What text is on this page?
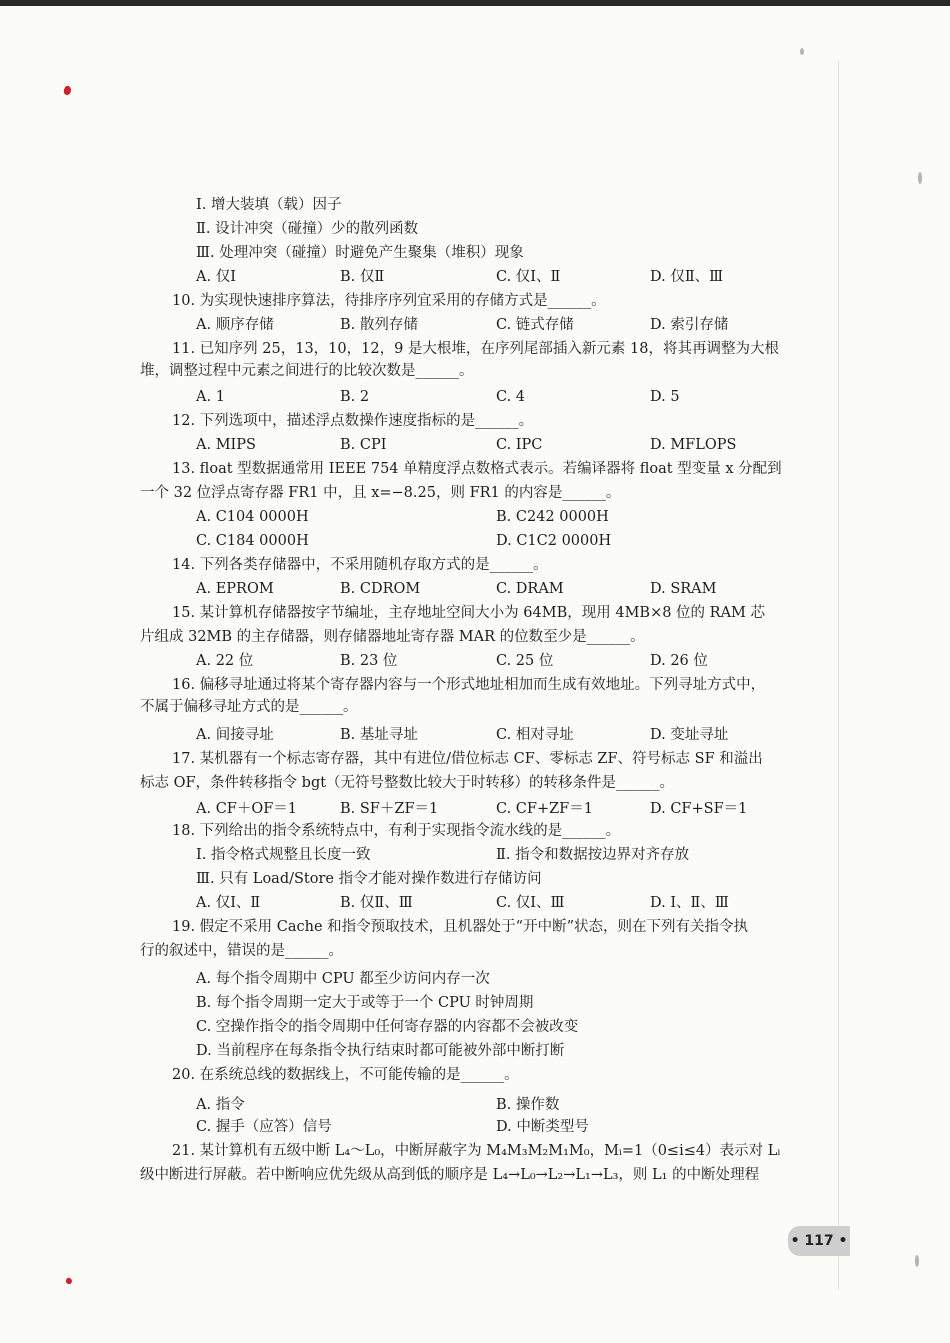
Ⅰ. 增大装填（载）因子
Ⅱ. 设计冲突（碰撞）少的散列函数
Ⅲ. 处理冲突（碰撞）时避免产生聚集（堆积）现象
A. 仅Ⅰ	B. 仅Ⅱ	C. 仅Ⅰ、Ⅱ	D. 仅Ⅱ、Ⅲ
10. 为实现快速排序算法，待排序序列宜采用的存储方式是______。
A. 顺序存储	B. 散列存储	C. 链式存储	D. 索引存储
11. 已知序列 25，13，10，12，9 是大根堆，在序列尾部插入新元素 18，将其再调整为大根
堆，调整过程中元素之间进行的比较次数是______。
A. 1	B. 2	C. 4	D. 5
12. 下列选项中，描述浮点数操作速度指标的是______。
A. MIPS	B. CPI	C. IPC	D. MFLOPS
13. float 型数据通常用 IEEE 754 单精度浮点数格式表示。若编译器将 float 型变量 x 分配到
一个 32 位浮点寄存器 FR1 中，且 x=−8.25，则 FR1 的内容是______。
A. C104 0000H	B. C242 0000H
C. C184 0000H	D. C1C2 0000H
14. 下列各类存储器中，不采用随机存取方式的是______。
A. EPROM	B. CDROM	C. DRAM	D. SRAM
15. 某计算机存储器按字节编址，主存地址空间大小为 64MB，现用 4MB×8 位的 RAM 芯
片组成 32MB 的主存储器，则存储器地址寄存器 MAR 的位数至少是______。
A. 22 位	B. 23 位	C. 25 位	D. 26 位
16. 偏移寻址通过将某个寄存器内容与一个形式地址相加而生成有效地址。下列寻址方式中，
不属于偏移寻址方式的是______。
A. 间接寻址	B. 基址寻址	C. 相对寻址	D. 变址寻址
17. 某机器有一个标志寄存器，其中有进位/借位标志 CF、零标志 ZF、符号标志 SF 和溢出
标志 OF，条件转移指令 bgt（无符号整数比较大于时转移）的转移条件是______。
A. CF＋OF＝1	B. SF＋ZF＝1	C. CF+ZF＝1	D. CF+SF＝1
18. 下列给出的指令系统特点中，有利于实现指令流水线的是______。
Ⅰ. 指令格式规整且长度一致	Ⅱ. 指令和数据按边界对齐存放
Ⅲ. 只有 Load/Store 指令才能对操作数进行存储访问
A. 仅Ⅰ、Ⅱ	B. 仅Ⅱ、Ⅲ	C. 仅Ⅰ、Ⅲ	D. Ⅰ、Ⅱ、Ⅲ
19. 假定不采用 Cache 和指令预取技术，且机器处于“开中断”状态，则在下列有关指令执
行的叙述中，错误的是______。
A. 每个指令周期中 CPU 都至少访问内存一次
B. 每个指令周期一定大于或等于一个 CPU 时钟周期
C. 空操作指令的指令周期中任何寄存器的内容都不会被改变
D. 当前程序在每条指令执行结束时都可能被外部中断打断
20. 在系统总线的数据线上，不可能传输的是______。
A. 指令	B. 操作数
C. 握手（应答）信号	D. 中断类型号
21. 某计算机有五级中断 L₄～L₀，中断屏蔽字为 M₄M₃M₂M₁M₀，Mᵢ=1（0≤i≤4）表示对 Lᵢ
级中断进行屏蔽。若中断响应优先级从高到低的顺序是 L₄→L₀→L₂→L₁→L₃，则 L₁ 的中断处理程
• 117 •
